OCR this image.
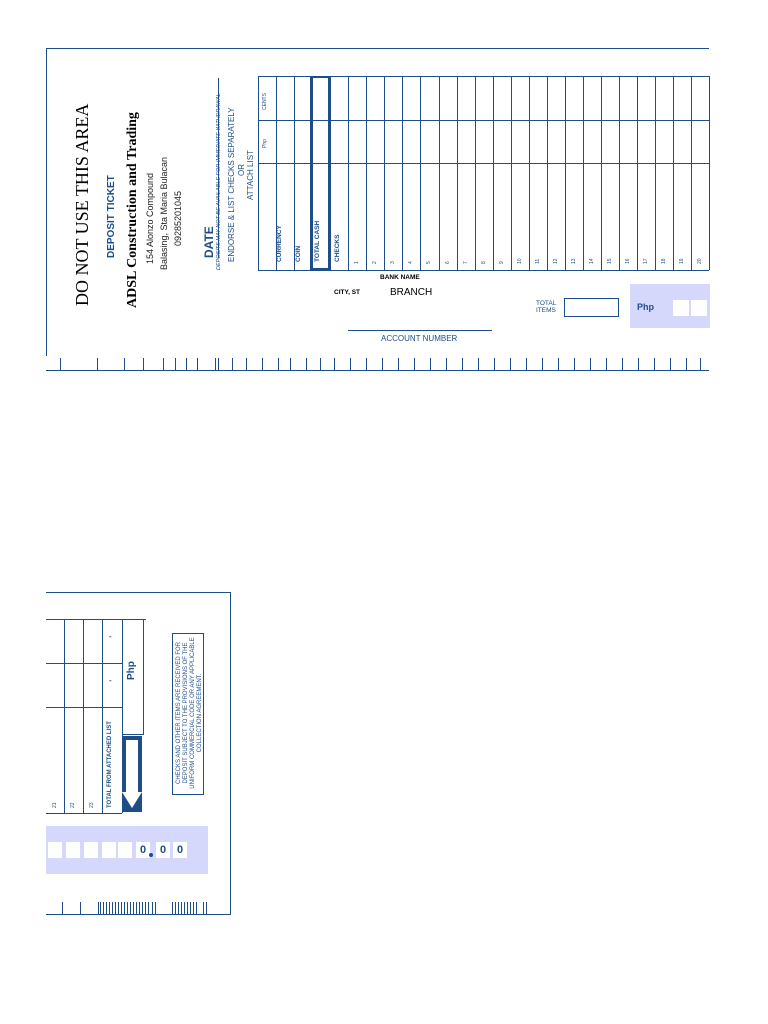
DO NOT USE THIS AREA DEPOSIT TICKET ADSL Construction and Trading 154 Alonzo Compound Balasing, Sta Maria Bulacan 09285201045 DATE DEPOSITS MAY NOT BE AVAILABLE FOR IMMEDIATE WITHDRAWAL ENDORSE & LIST CHECKS SEPARATELY OR ATTACH LIST
CENTS
Php
CURRENCY COIN TOTAL CASH CHECKS
1 2 3 4 5	6 7 8 9 10 11 12 13 14 15 16 17 18 19 20
BANK NAME
CITY, ST	BRANCH
TOTAL
ITEMS	Php
ACCOUNT NUMBER
21 22	23 TOTAL FROM ATTACHED LIST
-
-
Php	CHECKS AND OTHER ITEMS ARE RECEIVED FOR DEPOSIT SUBJECT TO THE PROVISIONS OF THE UNIFORM COMMERCIAL CODE OR ANY APPLICABLE COLLECTION AGREEMENT.
0	0 0
